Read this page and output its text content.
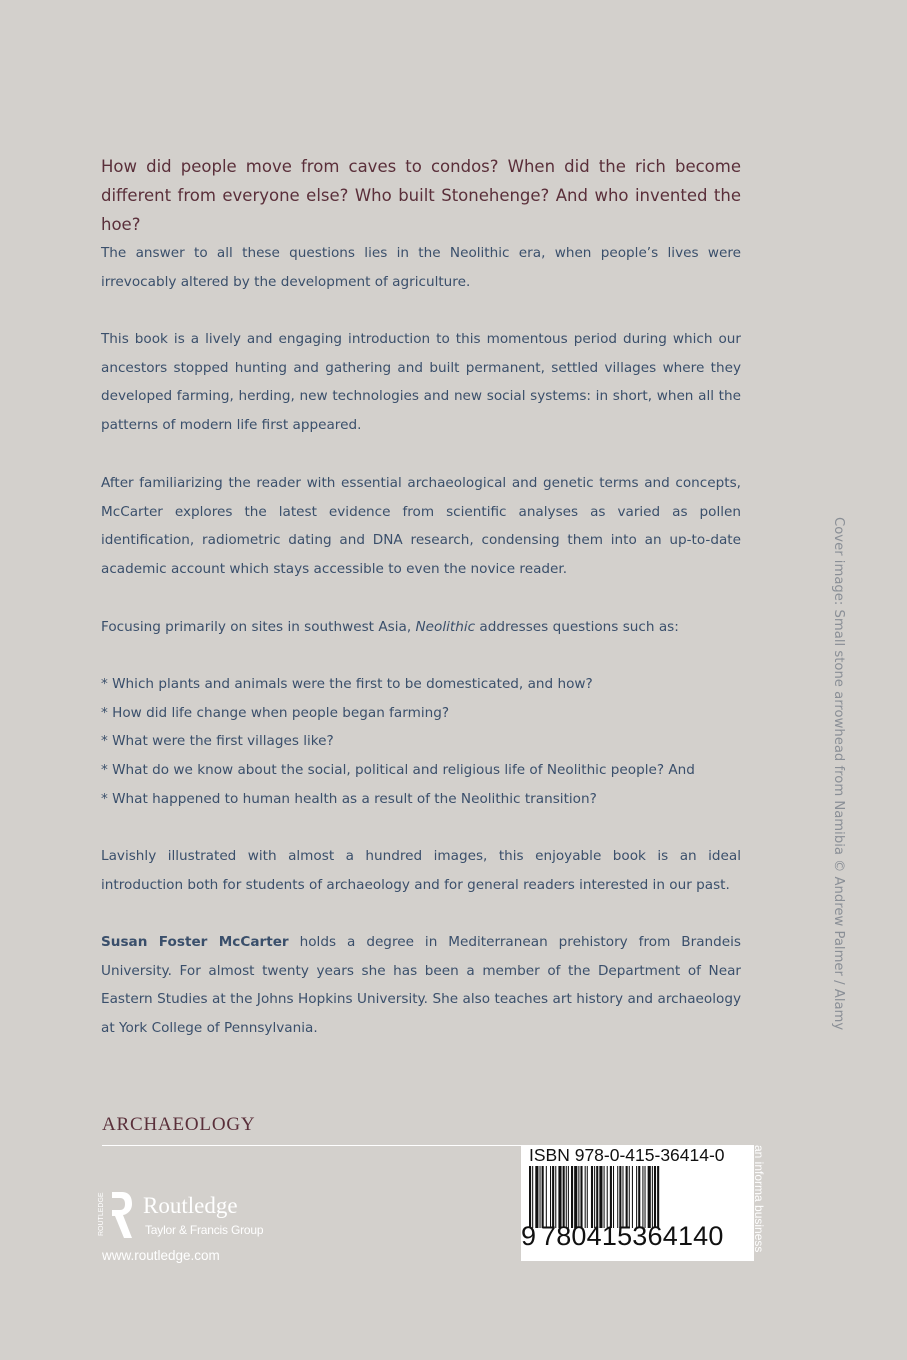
How did people move from caves to condos? When did the rich become different from everyone else? Who built Stonehenge? And who invented the hoe?
The answer to all these questions lies in the Neolithic era, when people’s lives were irrevocably altered by the development of agriculture.
This book is a lively and engaging introduction to this momentous period during which our ancestors stopped hunting and gathering and built permanent, settled villages where they developed farming, herding, new technologies and new social systems: in short, when all the patterns of modern life first appeared.
After familiarizing the reader with essential archaeological and genetic terms and concepts, McCarter explores the latest evidence from scientific analyses as varied as pollen identification, radiometric dating and DNA research, condensing them into an up-to-date academic account which stays accessible to even the novice reader.
Focusing primarily on sites in southwest Asia, Neolithic addresses questions such as:
* Which plants and animals were the first to be domesticated, and how?
* How did life change when people began farming?
* What were the first villages like?
* What do we know about the social, political and religious life of Neolithic people? And
* What happened to human health as a result of the Neolithic transition?
Lavishly illustrated with almost a hundred images, this enjoyable book is an ideal introduction both for students of archaeology and for general readers interested in our past.
Susan Foster McCarter holds a degree in Mediterranean prehistory from Brandeis University. For almost twenty years she has been a member of the Department of Near Eastern Studies at the Johns Hopkins University. She also teaches art history and archaeology at York College of Pennsylvania.
ARCHAEOLOGY
ROUTLEDGE Routledge
Taylor & Francis Group
www.routledge.com
ISBN 978-0-415-36414-0
9 780415364140 an informa business
Cover image: Small stone arrowhead from Namibia © Andrew Palmer / Alamy
